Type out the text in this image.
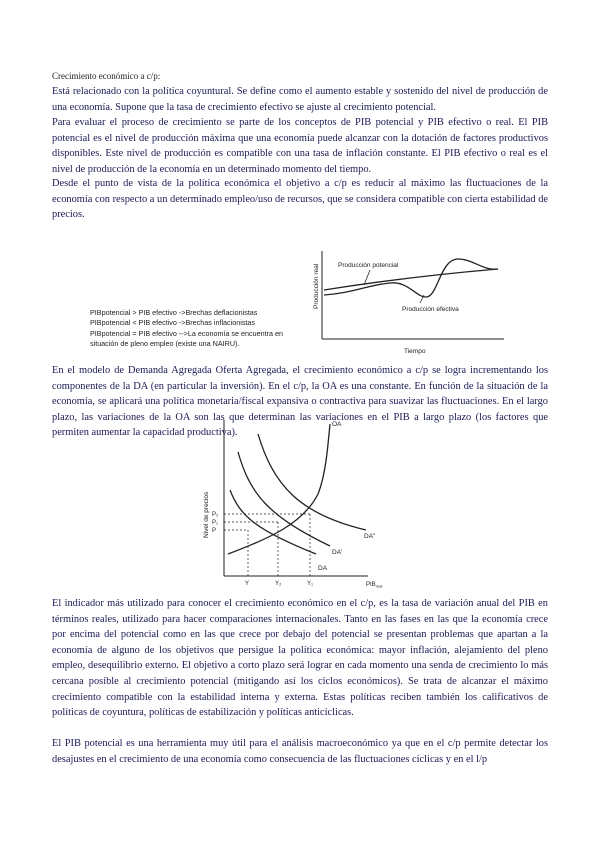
Crecimiento económico a c/p:

Está relacionado con la política coyuntural. Se define como el aumento estable y sostenido del nivel de producción de una economía. Supone que la tasa de crecimiento efectivo se ajuste al crecimiento potencial.

Para evaluar el proceso de crecimiento se parte de los conceptos de PIB potencial y PIB efectivo o real. El PIB potencial es el nivel de producción máxima que una economía puede alcanzar con la dotación de factores productivos disponibles. Este nivel de producción es compatible con una tasa de inflación constante. El PIB efectivo o real es el nivel de producción de la economía en un determinado momento del tiempo.

Desde el punto de vista de la política económica el objetivo a c/p es reducir al máximo las fluctuaciones de la economía con respecto a un determinado empleo/uso de recursos, que se considera compatible con cierta estabilidad de precios.

Producción real
Tiempo
Producción potencial
Producción efectiva
PIBpotencial > PIB efectivo ->Brechas deflacionistas
PIBpotencial < PIB efectivo ->Brechas inflacionistas
PIBpotencial = PIB efectivo -->La economía se encuentra en
situación de pleno empleo (existe una NAIRU).

En el modelo de Demanda Agregada Oferta Agregada, el crecimiento económico a c/p se logra incrementando los componentes de la DA (en particular la inversión). En el c/p, la OA es una constante. En función de la situación de la economía, se aplicará una política monetaria/fiscal expansiva o contractiva para suavizar las fluctuaciones. En el largo plazo, las variaciones de la OA son las que determinan las variaciones en el PIB a largo plazo (los factores que permiten aumentar la capacidad productiva).

Nivel de precios
$PIB_{real}$
OA
DA"
DA'
DA
P₂
P₁
P
Y	Y₂	Y₁

El indicador más utilizado para conocer el crecimiento económico en el c/p, es la tasa de variación anual del PIB en términos reales, utilizado para hacer comparaciones internacionales. Tanto en las fases en las que la economía crece por encima del potencial como en las que crece por debajo del potencial se presentan problemas que apartan a la economía de alguno de los objetivos que persigue la política económica: mayor inflación, alejamiento del pleno empleo, desequilibrio externo. El objetivo a corto plazo será lograr en cada momento una senda de crecimiento lo más cercana posible al crecimiento potencial (mitigando así los ciclos económicos). Se trata de alcanzar el máximo crecimiento compatible con la estabilidad interna y externa. Estas políticas reciben también los calificativos de políticas de coyuntura, políticas de estabilización y políticas anticíclicas.

El PIB potencial es una herramienta muy útil para el análisis macroeconómico ya que en el c/p permite detectar los desajustes en el crecimiento de una economía como consecuencia de las fluctuaciones cíclicas y en el l/p
